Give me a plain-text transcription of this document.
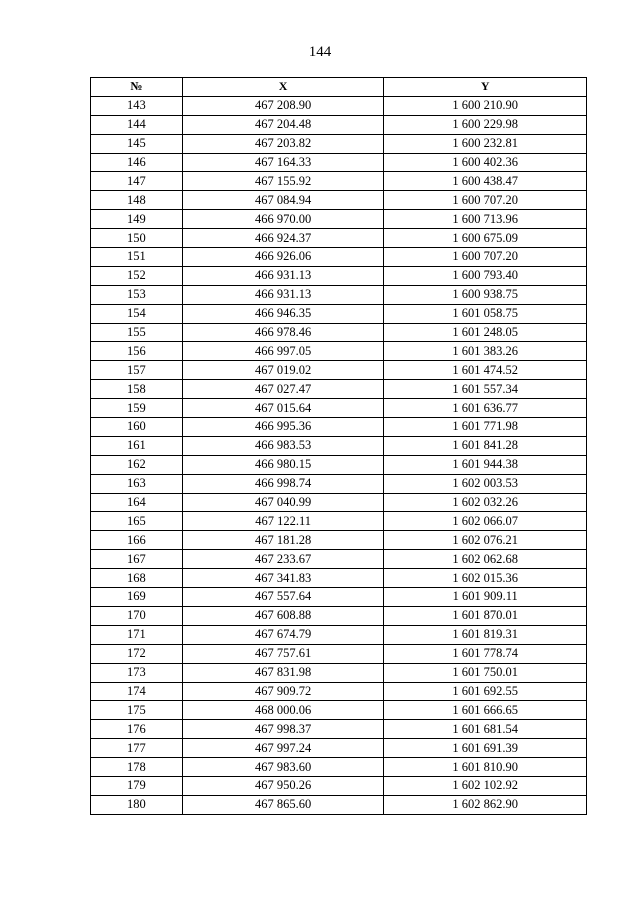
144
№	X	Y
143	467 208.90	1 600 210.90
144	467 204.48	1 600 229.98
145	467 203.82	1 600 232.81
146	467 164.33	1 600 402.36
147	467 155.92	1 600 438.47
148	467 084.94	1 600 707.20
149	466 970.00	1 600 713.96
150	466 924.37	1 600 675.09
151	466 926.06	1 600 707.20
152	466 931.13	1 600 793.40
153	466 931.13	1 600 938.75
154	466 946.35	1 601 058.75
155	466 978.46	1 601 248.05
156	466 997.05	1 601 383.26
157	467 019.02	1 601 474.52
158	467 027.47	1 601 557.34
159	467 015.64	1 601 636.77
160	466 995.36	1 601 771.98
161	466 983.53	1 601 841.28
162	466 980.15	1 601 944.38
163	466 998.74	1 602 003.53
164	467 040.99	1 602 032.26
165	467 122.11	1 602 066.07
166	467 181.28	1 602 076.21
167	467 233.67	1 602 062.68
168	467 341.83	1 602 015.36
169	467 557.64	1 601 909.11
170	467 608.88	1 601 870.01
171	467 674.79	1 601 819.31
172	467 757.61	1 601 778.74
173	467 831.98	1 601 750.01
174	467 909.72	1 601 692.55
175	468 000.06	1 601 666.65
176	467 998.37	1 601 681.54
177	467 997.24	1 601 691.39
178	467 983.60	1 601 810.90
179	467 950.26	1 602 102.92
180	467 865.60	1 602 862.90
